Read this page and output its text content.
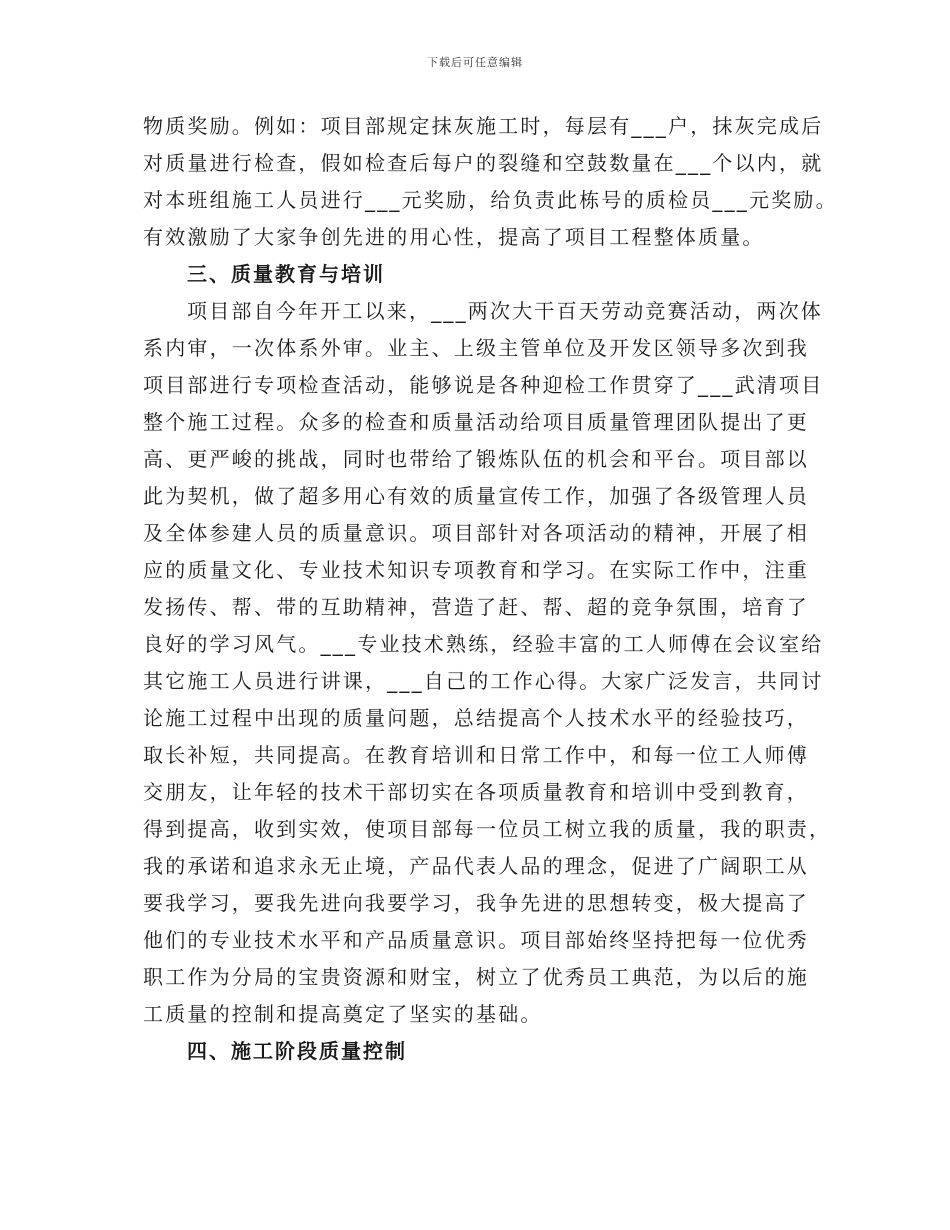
下载后可任意编辑
物质奖励。例如：项目部规定抹灰施工时，每层有___户，抹灰完成后
对质量进行检查，假如检查后每户的裂缝和空鼓数量在___个以内，就
对本班组施工人员进行___元奖励，给负责此栋号的质检员___元奖励。
有效激励了大家争创先进的用心性，提高了项目工程整体质量。
三、质量教育与培训
项目部自今年开工以来，___两次大干百天劳动竞赛活动，两次体
系内审，一次体系外审。业主、上级主管单位及开发区领导多次到我
项目部进行专项检查活动，能够说是各种迎检工作贯穿了___武清项目
整个施工过程。众多的检查和质量活动给项目质量管理团队提出了更
高、更严峻的挑战，同时也带给了锻炼队伍的机会和平台。项目部以
此为契机，做了超多用心有效的质量宣传工作，加强了各级管理人员
及全体参建人员的质量意识。项目部针对各项活动的精神，开展了相
应的质量文化、专业技术知识专项教育和学习。在实际工作中，注重
发扬传、帮、带的互助精神，营造了赶、帮、超的竞争氛围，培育了
良好的学习风气。___专业技术熟练，经验丰富的工人师傅在会议室给
其它施工人员进行讲课，___自己的工作心得。大家广泛发言，共同讨
论施工过程中出现的质量问题，总结提高个人技术水平的经验技巧，
取长补短，共同提高。在教育培训和日常工作中，和每一位工人师傅
交朋友，让年轻的技术干部切实在各项质量教育和培训中受到教育，
得到提高，收到实效，使项目部每一位员工树立我的质量，我的职责，
我的承诺和追求永无止境，产品代表人品的理念，促进了广阔职工从
要我学习，要我先进向我要学习，我争先进的思想转变，极大提高了
他们的专业技术水平和产品质量意识。项目部始终坚持把每一位优秀
职工作为分局的宝贵资源和财宝，树立了优秀员工典范，为以后的施
工质量的控制和提高奠定了坚实的基础。
四、施工阶段质量控制
